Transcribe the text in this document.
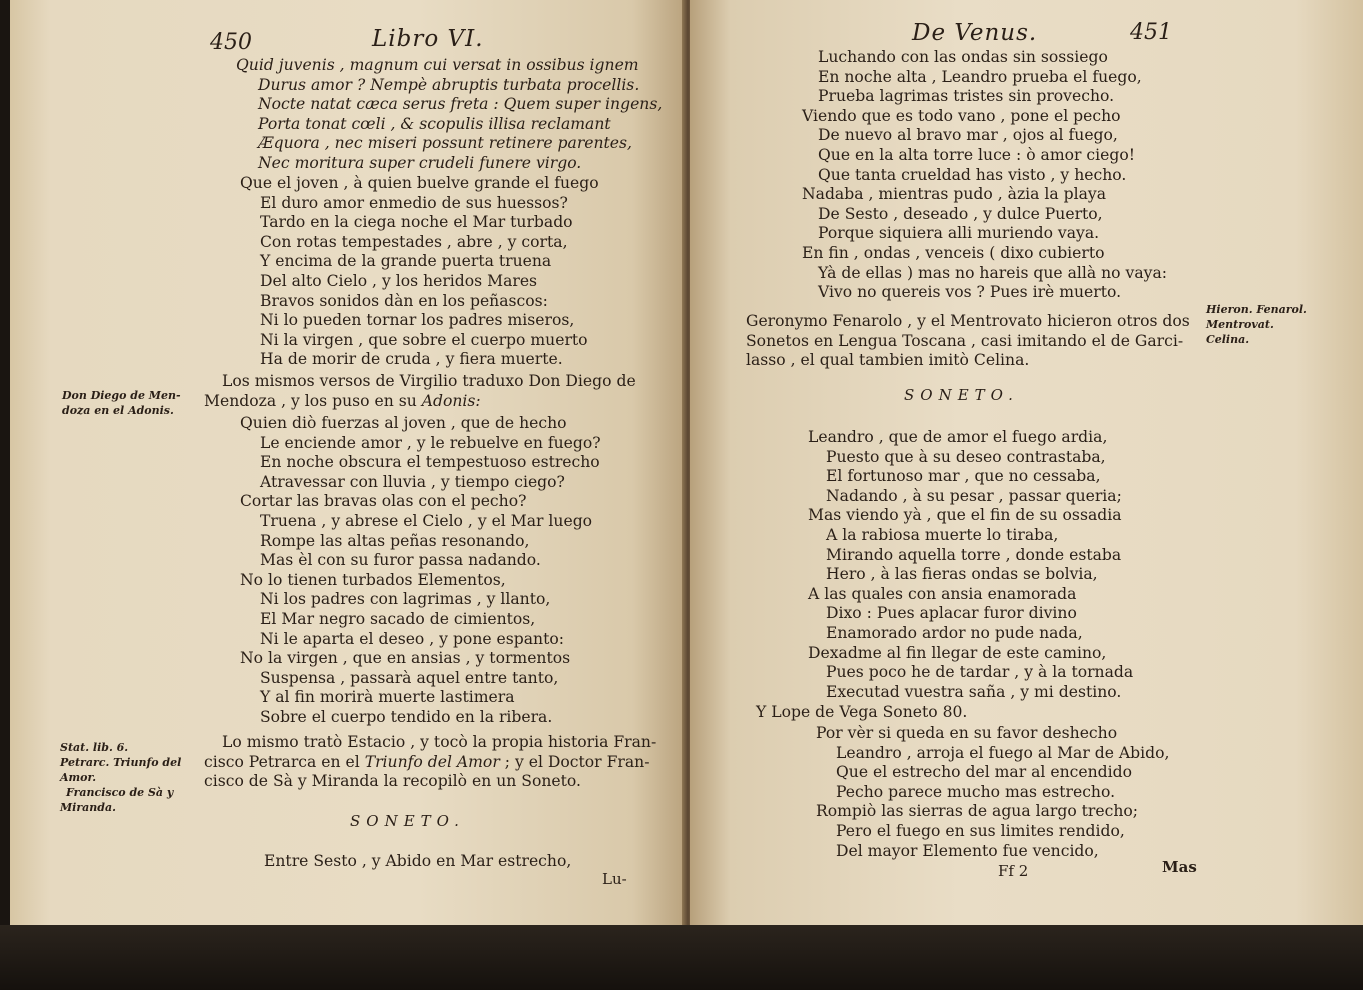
450	Libro VI.
Quid juvenis , magnum cui versat in ossibus ignem
Durus amor ? Nempè abruptis turbata procellis.
Nocte natat cæca serus freta : Quem super ingens,
Porta tonat cœli , & scopulis illisa reclamant
Æquora , nec miseri possunt retinere parentes,
Nec moritura super crudeli funere virgo.
Que el joven , à quien buelve grande el fuego
El duro amor enmedio de sus huessos?
Tardo en la ciega noche el Mar turbado
Con rotas tempestades , abre , y corta,
Y encima de la grande puerta truena
Del alto Cielo , y los heridos Mares
Bravos sonidos dàn en los peñascos:
Ni lo pueden tornar los padres miseros,
Ni la virgen , que sobre el cuerpo muerto
Ha de morir de cruda , y fiera muerte.
Los mismos versos de Virgilio traduxo Don Diego de
Mendoza , y los puso en su Adonis:
Quien diò fuerzas al joven , que de hecho
Le enciende amor , y le rebuelve en fuego?
En noche obscura el tempestuoso estrecho
Atravessar con lluvia , y tiempo ciego?
Cortar las bravas olas con el pecho?
Truena , y abrese el Cielo , y el Mar luego
Rompe las altas peñas resonando,
Mas èl con su furor passa nadando.
No lo tienen turbados Elementos,
Ni los padres con lagrimas , y llanto,
El Mar negro sacado de cimientos,
Ni le aparta el deseo , y pone espanto:
No la virgen , que en ansias , y tormentos
Suspensa , passarà aquel entre tanto,
Y al fin morirà muerte lastimera
Sobre el cuerpo tendido en la ribera.
Lo mismo tratò Estacio , y tocò la propia historia Fran-
cisco Petrarca en el Triunfo del Amor ; y el Doctor Fran-
cisco de Sà y Miranda la recopilò en un Soneto.
SONETO.
Entre Sesto , y Abido en Mar estrecho,
Lu-
Don Diego de Men-
doza en el Adonis.
Stat. lib. 6.
Petrarc. Triunfo del
Amor.
Francisco de Sà y
Miranda.
De Venus.	451
Luchando con las ondas sin sossiego
En noche alta , Leandro prueba el fuego,
Prueba lagrimas tristes sin provecho.
Viendo que es todo vano , pone el pecho
De nuevo al bravo mar , ojos al fuego,
Que en la alta torre luce : ò amor ciego!
Que tanta crueldad has visto , y hecho.
Nadaba , mientras pudo , àzia la playa
De Sesto , deseado , y dulce Puerto,
Porque siquiera alli muriendo vaya.
En fin , ondas , venceis ( dixo cubierto
Yà de ellas ) mas no hareis que allà no vaya:
Vivo no quereis vos ? Pues irè muerto.
Geronymo Fenarolo , y el Mentrovato hicieron otros dos
Sonetos en Lengua Toscana , casi imitando el de Garci-
lasso , el qual tambien imitò Celina.
SONETO.
Leandro , que de amor el fuego ardia,
Puesto que à su deseo contrastaba,
El fortunoso mar , que no cessaba,
Nadando , à su pesar , passar queria;
Mas viendo yà , que el fin de su ossadia
A la rabiosa muerte lo tiraba,
Mirando aquella torre , donde estaba
Hero , à las fieras ondas se bolvia,
A las quales con ansia enamorada
Dixo : Pues aplacar furor divino
Enamorado ardor no pude nada,
Dexadme al fin llegar de este camino,
Pues poco he de tardar , y à la tornada
Executad vuestra saña , y mi destino.
Y Lope de Vega Soneto 80.
Por vèr si queda en su favor deshecho
Leandro , arroja el fuego al Mar de Abido,
Que el estrecho del mar al encendido
Pecho parece mucho mas estrecho.
Rompiò las sierras de agua largo trecho;
Pero el fuego en sus limites rendido,
Del mayor Elemento fue vencido,
Ff 2	Mas
Hieron. Fenarol.
Mentrovat.
Celina.
